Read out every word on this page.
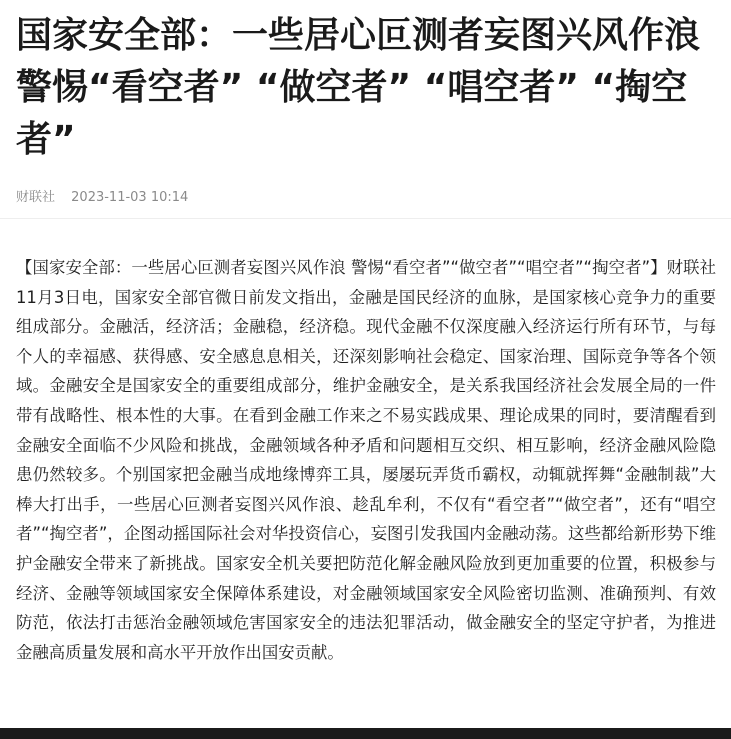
国家安全部：一些居心叵测者妄图兴风作浪 警惕“看空者” “做空者” “唱空者” “掏空者”
财联社 2023-11-03 10:14

【国家安全部：一些居心叵测者妄图兴风作浪 警惕“看空者”“做空者”“唱空者”“掏空者”】财联社11月3日电，国家安全部官微日前发文指出，金融是国民经济的血脉，是国家核心竞争力的重要组成部分。金融活，经济活；金融稳，经济稳。现代金融不仅深度融入经济运行所有环节，与每个人的幸福感、获得感、安全感息息相关，还深刻影响社会稳定、国家治理、国际竞争等各个领域。金融安全是国家安全的重要组成部分，维护金融安全，是关系我国经济社会发展全局的一件带有战略性、根本性的大事。在看到金融工作来之不易实践成果、理论成果的同时，要清醒看到金融安全面临不少风险和挑战，金融领域各种矛盾和问题相互交织、相互影响，经济金融风险隐患仍然较多。个别国家把金融当成地缘博弈工具，屡屡玩弄货币霸权，动辄就挥舞“金融制裁”大棒大打出手，一些居心叵测者妄图兴风作浪、趁乱牟利，不仅有“看空者”“做空者”，还有“唱空者”“掏空者”，企图动摇国际社会对华投资信心，妄图引发我国内金融动荡。这些都给新形势下维护金融安全带来了新挑战。国家安全机关要把防范化解金融风险放到更加重要的位置，积极参与经济、金融等领域国家安全保障体系建设，对金融领域国家安全风险密切监测、准确预判、有效防范，依法打击惩治金融领域危害国家安全的违法犯罪活动，做金融安全的坚定守护者，为推进金融高质量发展和高水平开放作出国安贡献。
